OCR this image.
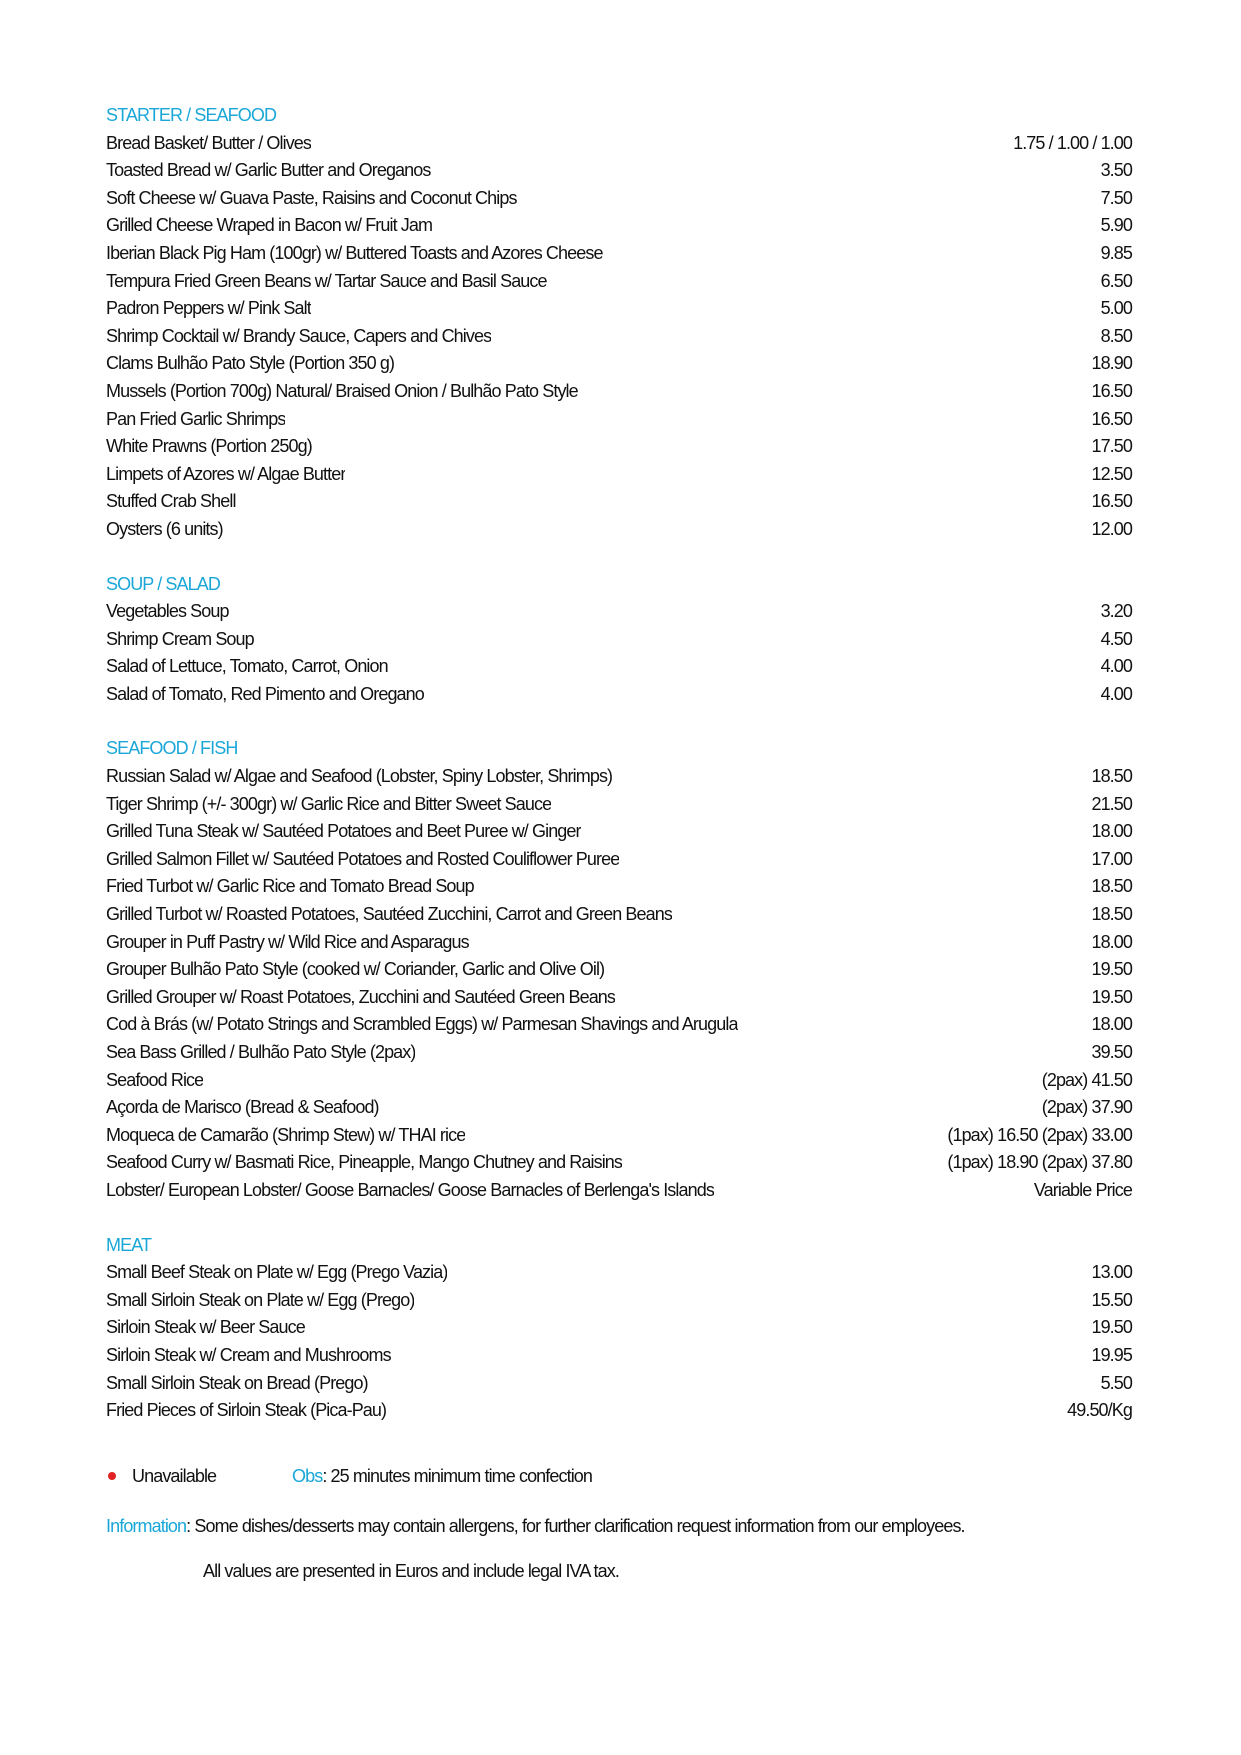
STARTER / SEAFOOD
Bread Basket/ Butter / Olives	1.75 / 1.00 / 1.00
Toasted Bread w/ Garlic Butter and Oreganos	3.50
Soft Cheese w/ Guava Paste, Raisins and Coconut Chips	7.50
Grilled Cheese Wraped in Bacon w/ Fruit Jam	5.90
Iberian Black Pig Ham (100gr) w/ Buttered Toasts and Azores Cheese	9.85
Tempura Fried Green Beans w/ Tartar Sauce and Basil Sauce	6.50
Padron Peppers w/ Pink Salt	5.00
Shrimp Cocktail w/ Brandy Sauce, Capers and Chives	8.50
Clams Bulhão Pato Style (Portion 350 g)	18.90
Mussels (Portion 700g) Natural/ Braised Onion / Bulhão Pato Style	16.50
Pan Fried Garlic Shrimps	16.50
White Prawns (Portion 250g)	17.50
Limpets of Azores w/ Algae Butter	12.50
Stuffed Crab Shell	16.50
Oysters (6 units)	12.00
SOUP / SALAD
Vegetables Soup	3.20
Shrimp Cream Soup	4.50
Salad of Lettuce, Tomato, Carrot, Onion	4.00
Salad of Tomato, Red Pimento and Oregano	4.00
SEAFOOD / FISH
Russian Salad w/ Algae and Seafood (Lobster, Spiny Lobster, Shrimps)	18.50
Tiger Shrimp (+/- 300gr) w/ Garlic Rice and Bitter Sweet Sauce	21.50
Grilled Tuna Steak w/ Sautéed Potatoes and Beet Puree w/ Ginger	18.00
Grilled Salmon Fillet w/ Sautéed Potatoes and Rosted Couliflower Puree	17.00
Fried Turbot w/ Garlic Rice and Tomato Bread Soup	18.50
Grilled Turbot w/ Roasted Potatoes, Sautéed Zucchini, Carrot and Green Beans	18.50
Grouper in Puff Pastry w/ Wild Rice and Asparagus	18.00
Grouper Bulhão Pato Style (cooked w/ Coriander, Garlic and Olive Oil)	19.50
Grilled Grouper w/ Roast Potatoes, Zucchini and Sautéed Green Beans	19.50
Cod à Brás (w/ Potato Strings and Scrambled Eggs) w/ Parmesan Shavings and Arugula	18.00
Sea Bass Grilled / Bulhão Pato Style (2pax)	39.50
Seafood Rice	(2pax) 41.50
Açorda de Marisco (Bread & Seafood)	(2pax) 37.90
Moqueca de Camarão (Shrimp Stew) w/ THAI rice	(1pax) 16.50 (2pax) 33.00
Seafood Curry w/ Basmati Rice, Pineapple, Mango Chutney and Raisins	(1pax) 18.90 (2pax) 37.80
Lobster/ European Lobster/ Goose Barnacles/ Goose Barnacles of Berlenga's Islands	Variable Price
MEAT
Small Beef Steak on Plate w/ Egg (Prego Vazia)	13.00
Small Sirloin Steak on Plate w/ Egg (Prego)	15.50
Sirloin Steak w/ Beer Sauce	19.50
Sirloin Steak w/ Cream and Mushrooms	19.95
Small Sirloin Steak on Bread (Prego)	5.50
Fried Pieces of Sirloin Steak (Pica-Pau)	49.50/Kg
Unavailable	Obs : 25 minutes minimum time confection
Information: Some dishes/desserts may contain allergens, for further clarification request information from our employees.
All values are presented in Euros and include legal IVA tax.
